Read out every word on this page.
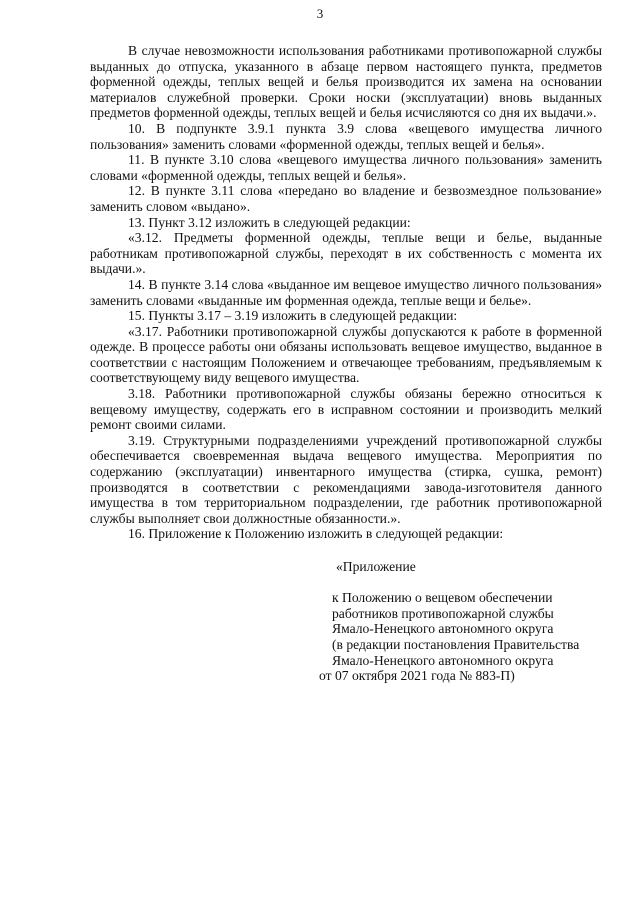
3

В случае невозможности использования работниками противопожарной службы выданных до отпуска, указанного в абзаце первом настоящего пункта, предметов форменной одежды, теплых вещей и белья производится их замена на основании материалов служебной проверки. Сроки носки (эксплуатации) вновь выданных предметов форменной одежды, теплых вещей и белья исчисляются со дня их выдачи.».

10. В подпункте 3.9.1 пункта 3.9 слова «вещевого имущества личного пользования» заменить словами «форменной одежды, теплых вещей и белья».

11. В пункте 3.10 слова «вещевого имущества личного пользования» заменить словами «форменной одежды, теплых вещей и белья».

12. В пункте 3.11 слова «передано во владение и безвозмездное пользование» заменить словом «выдано».

13. Пункт 3.12 изложить в следующей редакции:

«3.12. Предметы форменной одежды, теплые вещи и белье, выданные работникам противопожарной службы, переходят в их собственность с момента их выдачи.».

14. В пункте 3.14 слова «выданное им вещевое имущество личного пользования» заменить словами «выданные им форменная одежда, теплые вещи и белье».

15. Пункты 3.17 – 3.19 изложить в следующей редакции:

«3.17. Работники противопожарной службы допускаются к работе в форменной одежде. В процессе работы они обязаны использовать вещевое имущество, выданное в соответствии с настоящим Положением и отвечающее требованиям, предъявляемым к соответствующему виду вещевого имущества.

3.18. Работники противопожарной службы обязаны бережно относиться к вещевому имуществу, содержать его в исправном состоянии и производить мелкий ремонт своими силами.

3.19. Структурными подразделениями учреждений противопожарной службы обеспечивается своевременная выдача вещевого имущества. Мероприятия по содержанию (эксплуатации) инвентарного имущества (стирка, сушка, ремонт) производятся в соответствии с рекомендациями завода-изготовителя данного имущества в том территориальном подразделении, где работник противопожарной службы выполняет свои должностные обязанности.».

16. Приложение к Положению изложить в следующей редакции:

«Приложение
к Положению о вещевом обеспечении
работников противопожарной службы
Ямало-Ненецкого автономного округа
(в редакции постановления Правительства
Ямало-Ненецкого автономного округа
от 07 октября 2021 года № 883-П)
